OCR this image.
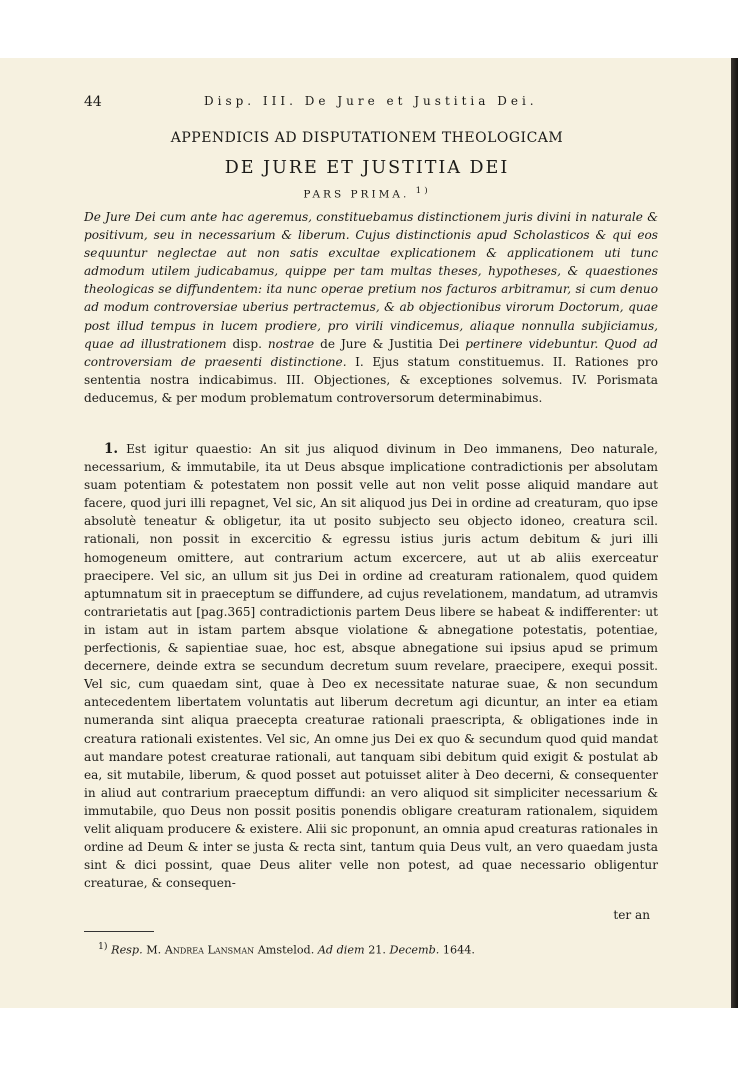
44	Disp. III. De Jure et Justitia Dei.
APPENDICIS AD DISPUTATIONEM THEOLOGICAM
DE JURE ET JUSTITIA DEI
PARS PRIMA. $^{1)}$

De Jure Dei cum ante hac ageremus, constituebamus distinctionem juris divini in naturale & positivum, seu in necessarium & liberum. Cujus distinctionis apud Scholasticos & qui eos sequuntur neglectae aut non satis excultae explicationem & applicationem uti tunc admodum utilem judicabamus, quippe per tam multas theses, hypotheses, & quaestiones theologicas se diffundentem: ita nunc operae pretium nos facturos arbitramur, si cum denuo ad modum controversiae uberius pertractemus, & ab objectionibus virorum Doctorum, quae post illud tempus in lucem prodiere, pro virili vindicemus, aliaque nonnulla subjiciamus, quae ad illustrationem disp. nostrae de Jure & Justitia Dei pertinere videbuntur. Quod ad controversiam de praesenti distinctione. I. Ejus statum constituemus. II. Rationes pro sententia nostra indicabimus. III. Objectiones, & exceptiones solvemus. IV. Porismata deducemus, & per modum problematum controversorum determinabimus.

1. Est igitur quaestio: An sit jus aliquod divinum in Deo immanens, Deo naturale, necessarium, & immutabile, ita ut Deus absque implicatione contradictionis per absolutam suam potentiam & potestatem non possit velle aut non velit posse aliquid mandare aut facere, quod juri illi repagnet, Vel sic, An sit aliquod jus Dei in ordine ad creaturam, quo ipse absolutè teneatur & obligetur, ita ut posito subjecto seu objecto idoneo, creatura scil. rationali, non possit in excercitio & egressu istius juris actum debitum & juri illi homogeneum omittere, aut contrarium actum excercere, aut ut ab aliis exerceatur praecipere. Vel sic, an ullum sit jus Dei in ordine ad creaturam rationalem, quod quidem aptumnatum sit in praeceptum se diffundere, ad cujus revelationem, mandatum, ad utramvis contrarietatis aut [pag.365] contradictionis partem Deus libere se habeat & indifferenter: ut in istam aut in istam partem absque violatione & abnegatione potestatis, potentiae, perfectionis, & sapientiae suae, hoc est, absque abnegatione sui ipsius apud se primum decernere, deinde extra se secundum decretum suum revelare, praecipere, exequi possit. Vel sic, cum quaedam sint, quae à Deo ex necessitate naturae suae, & non secundum antecedentem libertatem voluntatis aut liberum decretum agi dicuntur, an inter ea etiam numeranda sint aliqua praecepta creaturae rationali praescripta, & obligationes inde in creatura rationali existentes. Vel sic, An omne jus Dei ex quo & secundum quod quid mandat aut mandare potest creaturae rationali, aut tanquam sibi debitum quid exigit & postulat ab ea, sit mutabile, liberum, & quod posset aut potuisset aliter à Deo decerni, & consequenter in aliud aut contrarium praeceptum diffundi: an vero aliquod sit simpliciter necessarium & immutabile, quo Deus non possit positis ponendis obligare creaturam rationalem, siquidem velit aliquam producere & existere. Alii sic proponunt, an omnia apud creaturas rationales in ordine ad Deum & inter se justa & recta sint, tantum quia Deus vult, an vero quaedam justa sint & dici possint, quae Deus aliter velle non potest, ad quae necessario obligentur creaturae, & consequen-

ter an
$^{1)}$ Resp. M. Andrea Lansman Amstelod. Ad diem 21. Decemb. 1644.
